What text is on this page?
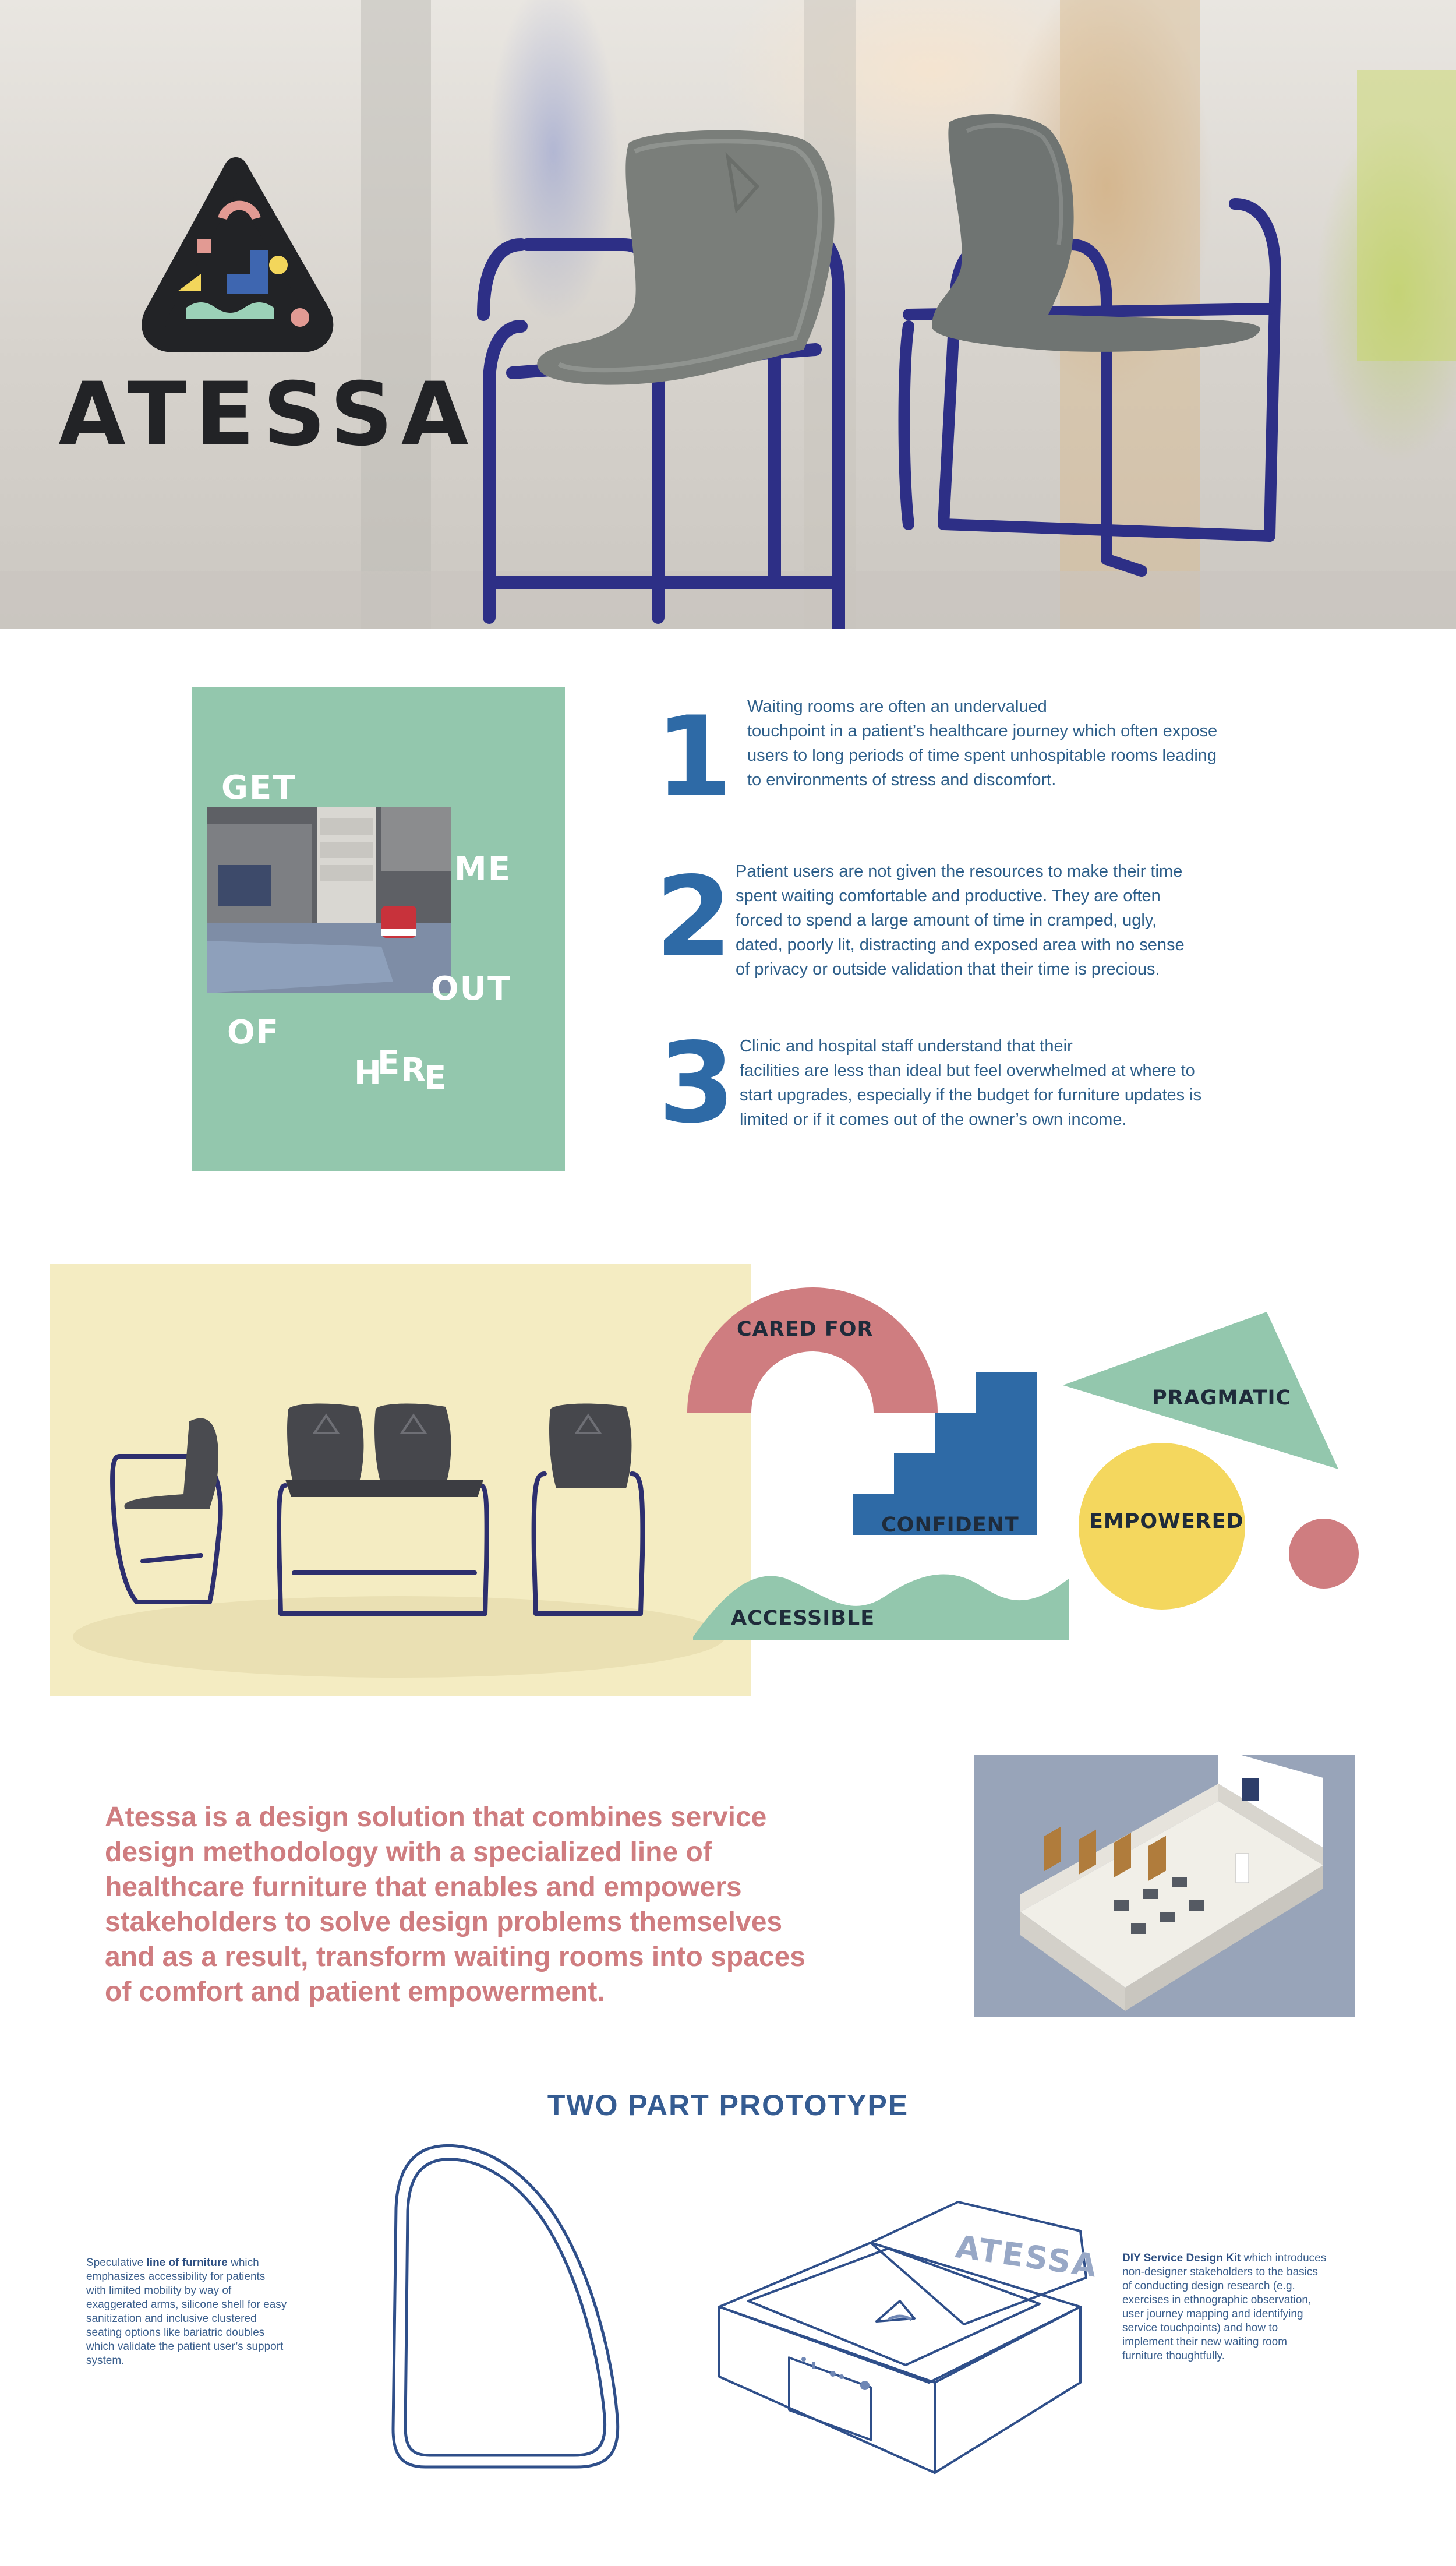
ATESSA
GET
ME
OUT
OF
H
E R
E
1 Waiting rooms are often an undervalued
touchpoint in a patient’s healthcare journey which often expose
users to long periods of time spent unhospitable rooms leading
to environments of stress and discomfort.
2 Patient users are not given the resources to make their time
spent waiting comfortable and productive. They are often
forced to spend a large amount of time in cramped, ugly,
dated, poorly lit, distracting and exposed area with no sense
of privacy or outside validation that their time is precious.
3 Clinic and hospital staff understand that their
facilities are less than ideal but feel overwhelmed at where to
start upgrades, especially if the budget for furniture updates is
limited or if it comes out of the owner’s own income.
CARED FOR
PRAGMATIC
CONFIDENT	EMPOWERED
ACCESSIBLE
Atessa is a design solution that combines service
design methodology with a specialized line of
healthcare furniture that enables and empowers
stakeholders to solve design problems themselves
and as a result, transform waiting rooms into spaces
of comfort and patient empowerment.
TWO PART PROTOTYPE
Speculative line of furniture which
emphasizes accessibility for patients
with limited mobility by way of
exaggerated arms, silicone shell for easy
sanitization and inclusive clustered
seating options like bariatric doubles
which validate the patient user’s support
system.
ATESSA DIY Service Design Kit which introduces
non-designer stakeholders to the basics
of conducting design research (e.g.
exercises in ethnographic observation,
user journey mapping and identifying
service touchpoints) and how to
implement their new waiting room
furniture thoughtfully.
